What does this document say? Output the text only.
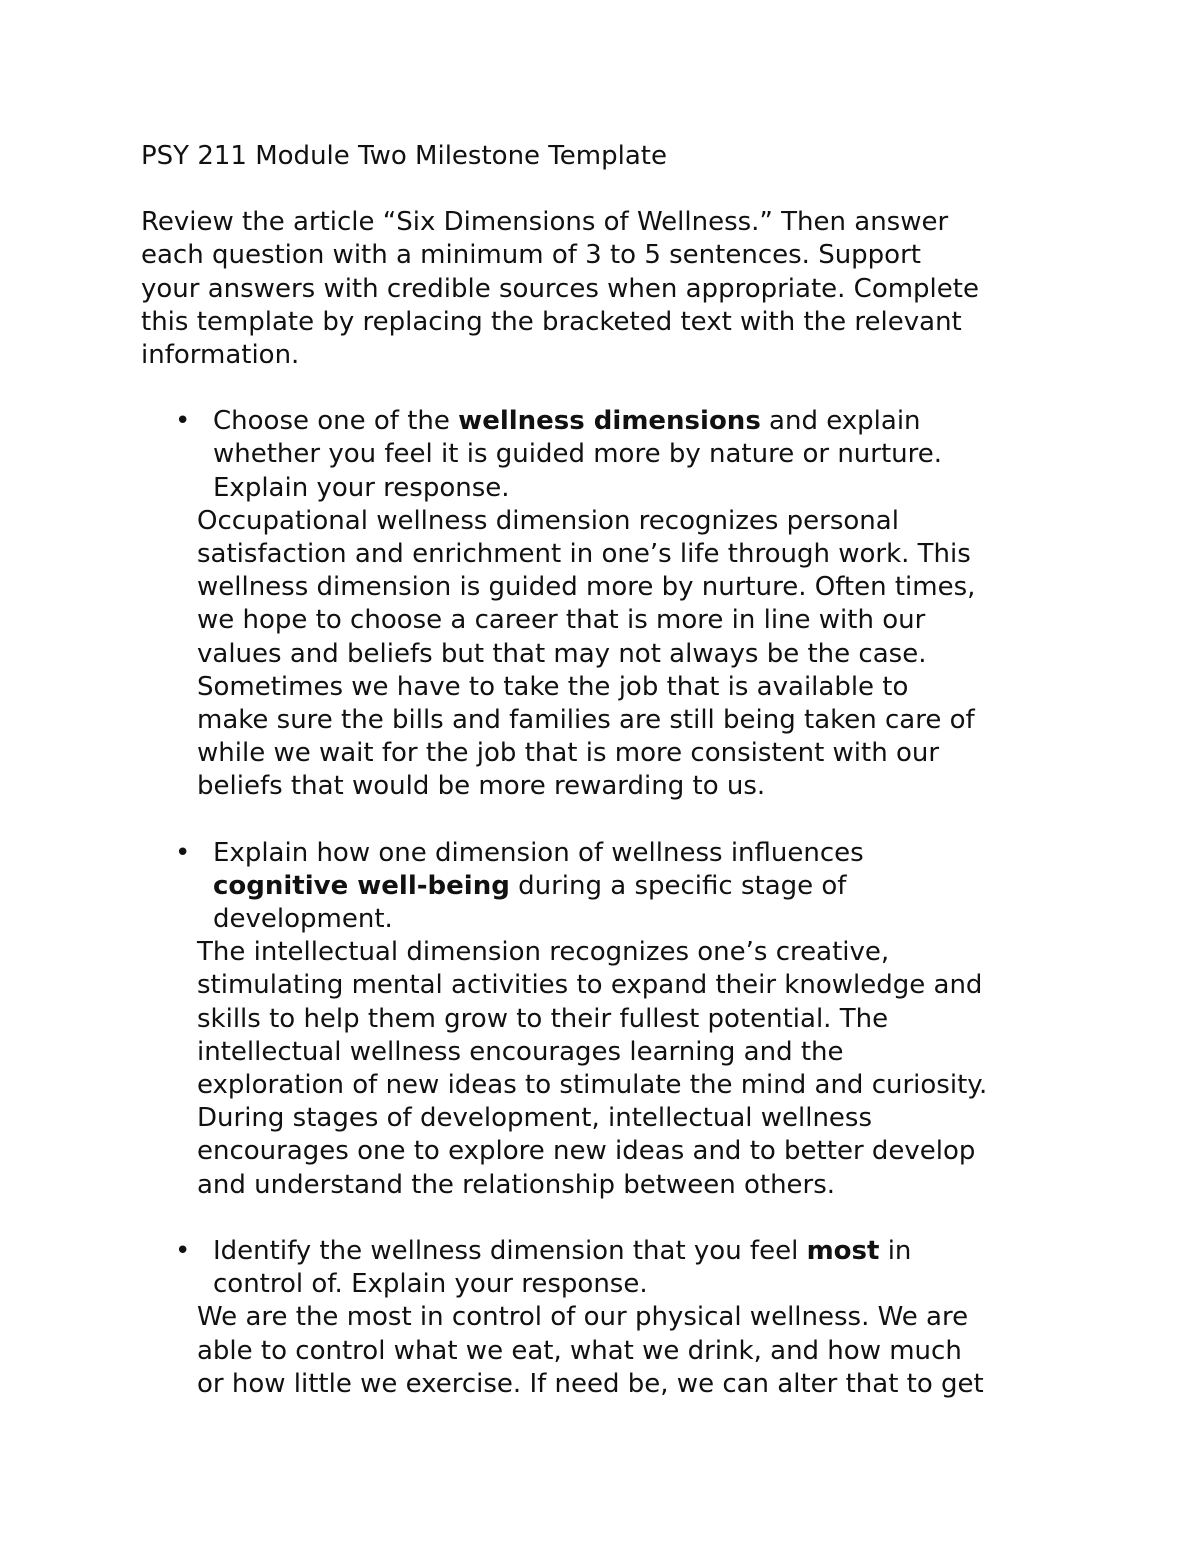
PSY 211 Module Two Milestone Template

Review the article “Six Dimensions of Wellness.” Then answer

each question with a minimum of 3 to 5 sentences. Support

your answers with credible sources when appropriate. Complete

this template by replacing the bracketed text with the relevant

information.

• Choose one of the wellness dimensions and explain

whether you feel it is guided more by nature or nurture.

Explain your response.

Occupational wellness dimension recognizes personal

satisfaction and enrichment in one’s life through work. This

wellness dimension is guided more by nurture. Often times,

we hope to choose a career that is more in line with our

values and beliefs but that may not always be the case.

Sometimes we have to take the job that is available to

make sure the bills and families are still being taken care of

while we wait for the job that is more consistent with our

beliefs that would be more rewarding to us.

• Explain how one dimension of wellness influences

cognitive well-being during a specific stage of

development.

The intellectual dimension recognizes one’s creative,

stimulating mental activities to expand their knowledge and

skills to help them grow to their fullest potential. The

intellectual wellness encourages learning and the

exploration of new ideas to stimulate the mind and curiosity.

During stages of development, intellectual wellness

encourages one to explore new ideas and to better develop

and understand the relationship between others.

• Identify the wellness dimension that you feel most in

control of. Explain your response.

We are the most in control of our physical wellness. We are

able to control what we eat, what we drink, and how much

or how little we exercise. If need be, we can alter that to get
